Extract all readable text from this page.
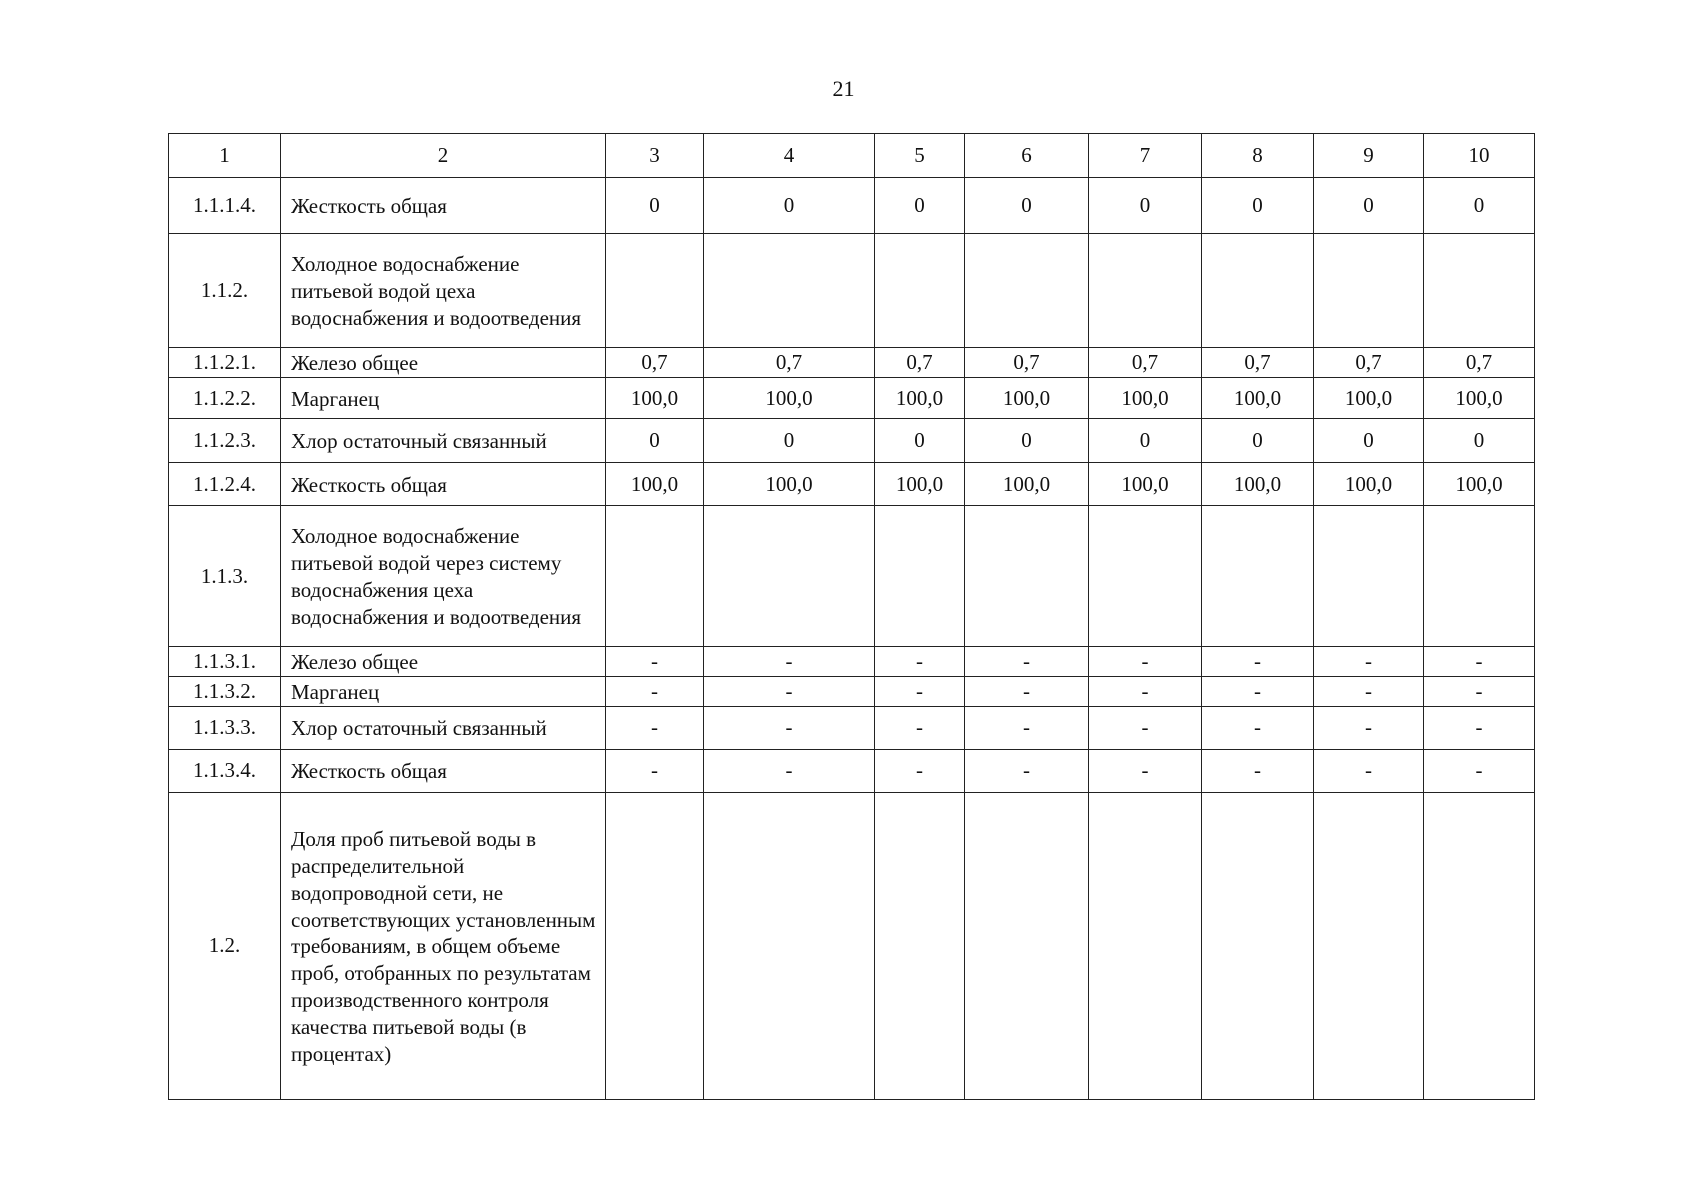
21
1	2	3	4	5	6	7	8	9	10
1.1.1.4.	Жесткость общая	0	0	0	0	0	0	0	0
1.1.2.	Холодное водоснабжение питьевой водой цеха водоснабжения и водоотведения								
1.1.2.1.	Железо общее	0,7	0,7	0,7	0,7	0,7	0,7	0,7	0,7
1.1.2.2.	Марганец	100,0	100,0	100,0	100,0	100,0	100,0	100,0	100,0
1.1.2.3.	Хлор остаточный связанный	0	0	0	0	0	0	0	0
1.1.2.4.	Жесткость общая	100,0	100,0	100,0	100,0	100,0	100,0	100,0	100,0
1.1.3.	Холодное водоснабжение питьевой водой через систему водоснабжения цеха водоснабжения и водоотведения								
1.1.3.1.	Железо общее	-	-	-	-	-	-	-	-
1.1.3.2.	Марганец	-	-	-	-	-	-	-	-
1.1.3.3.	Хлор остаточный связанный	-	-	-	-	-	-	-	-
1.1.3.4.	Жесткость общая	-	-	-	-	-	-	-	-
1.2.	Доля проб питьевой воды в распределительной водопроводной сети, не соответствующих установленным требованиям, в общем объеме проб, отобранных по результатам производственного контроля качества питьевой воды (в процентах)								
